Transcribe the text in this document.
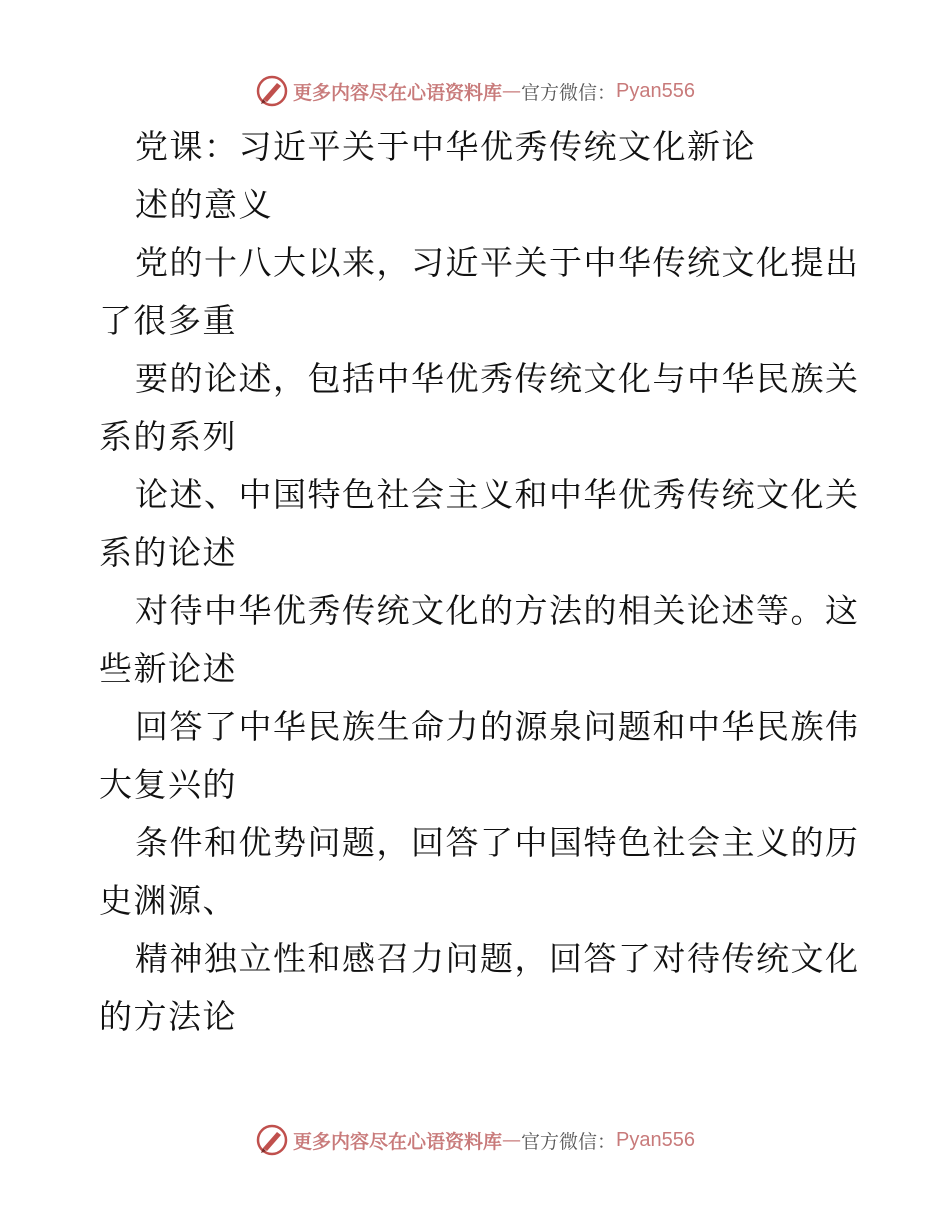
更多内容尽在心语资料库 — 官方微信： Pyan556
党课：习近平关于中华优秀传统文化新论
述的意义
党的十八大以来，习近平关于中华传统文化提出
了很多重
要的论述，包括中华优秀传统文化与中华民族关
系的系列
论述、中国特色社会主义和中华优秀传统文化关
系的论述
对待中华优秀传统文化的方法的相关论述等。这
些新论述
回答了中华民族生命力的源泉问题和中华民族伟
大复兴的
条件和优势问题，回答了中国特色社会主义的历
史渊源、
精神独立性和感召力问题，回答了对待传统文化
的方法论
更多内容尽在心语资料库 — 官方微信： Pyan556
